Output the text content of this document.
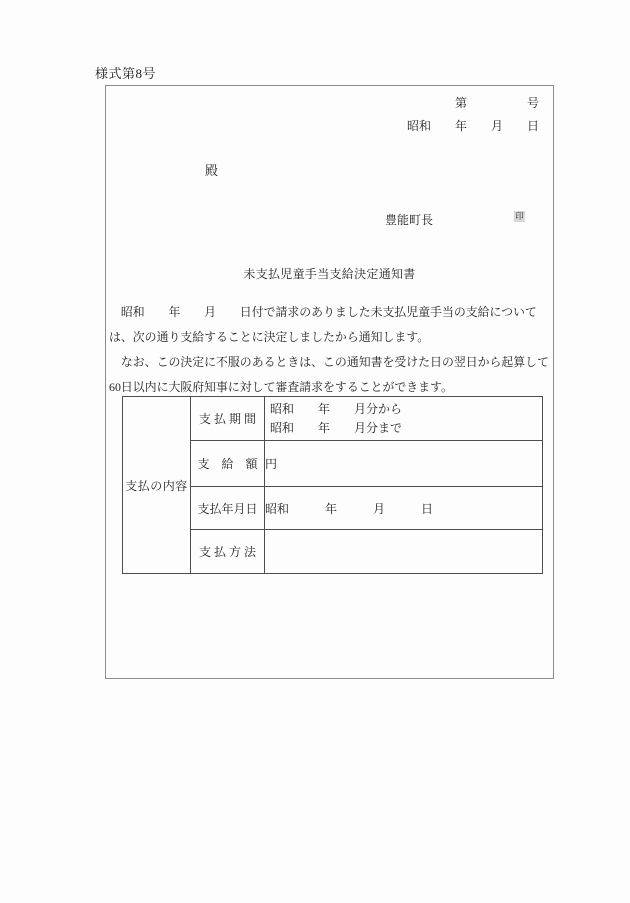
様式第8号
第　　　　　号
昭和　　年　　月　　日
殿
豊能町長	印
未支払児童手当支給決定通知書
　昭和　　年　　月　　日付で請求のありました未支払児童手当の支給について
は、次の通り支給することに決定しましたから通知します。
　なお、この決定に不服のあるときは、この通知書を受けた日の翌日から起算して
60日以内に大阪府知事に対して審査請求をすることができます。
支払の内容	支 払 期 間	昭和　　年　　月分から
昭和　　年　　月分まで

	支　給　額	円
	支払年月日	昭和　　　年　　　月　　　日
	支 払 方 法	
